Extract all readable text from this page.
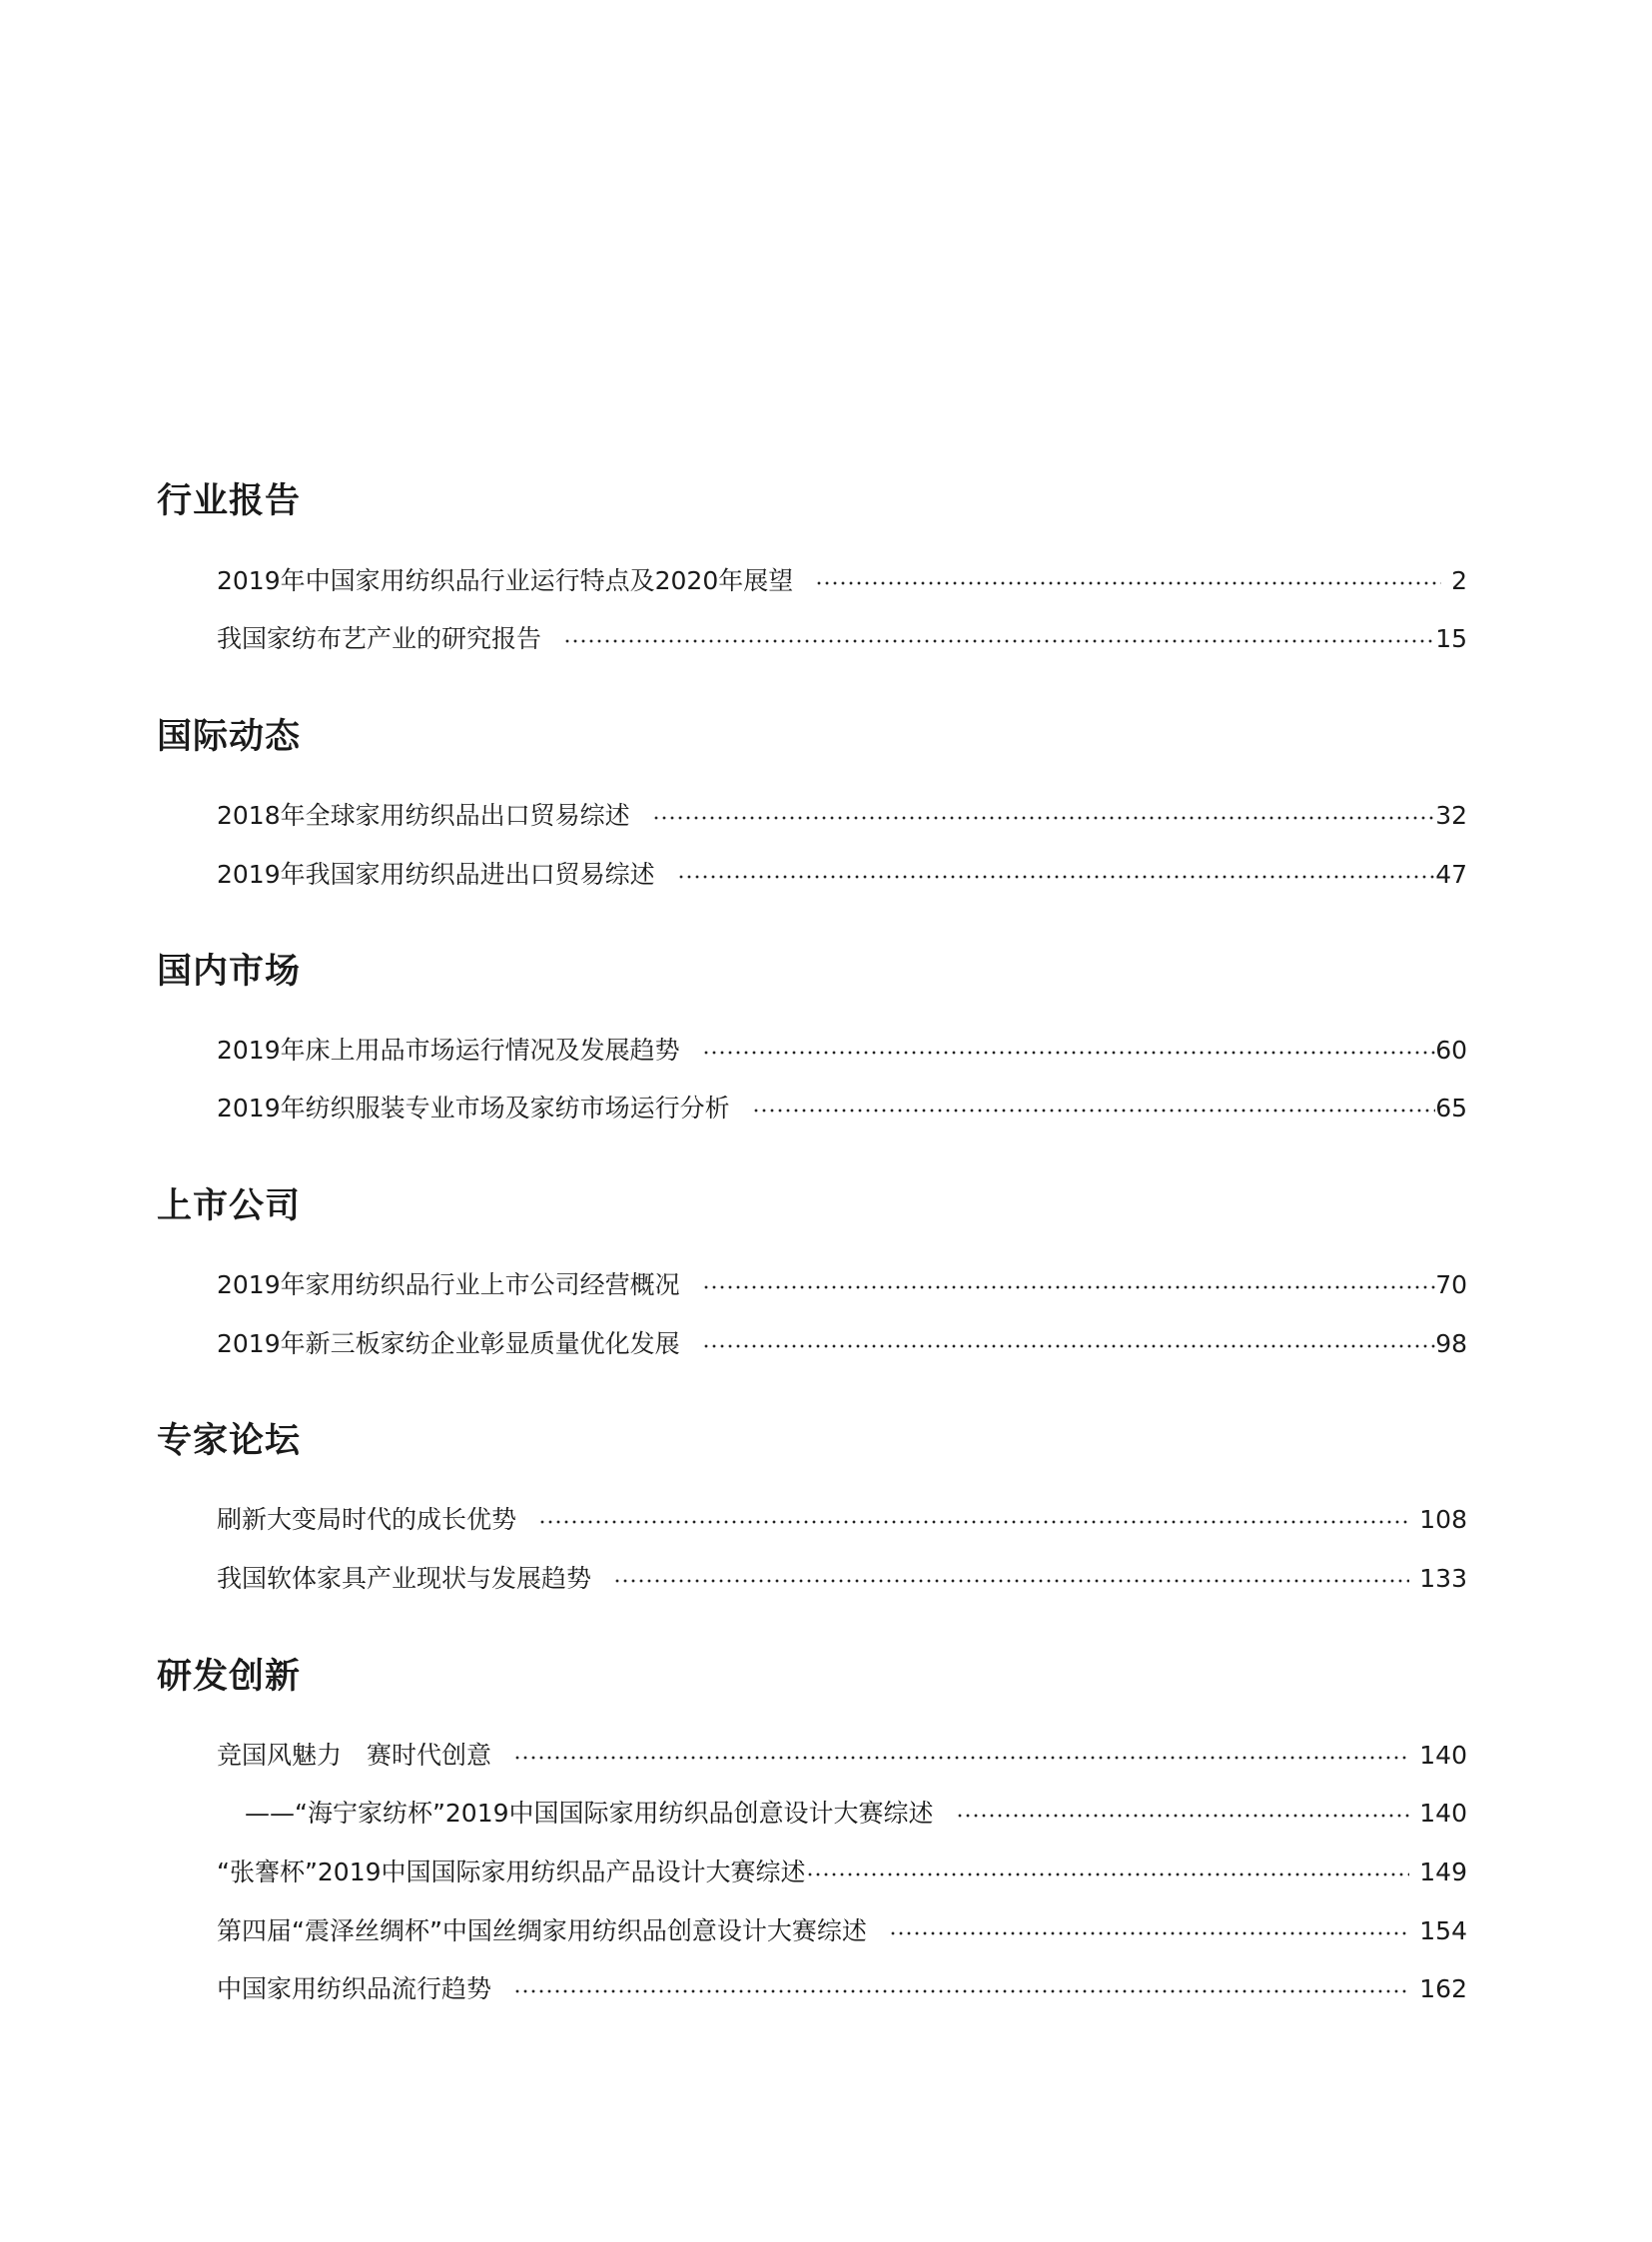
行业报告
2019年中国家用纺织品行业运行特点及2020年展望	2
我国家纺布艺产业的研究报告	15
国际动态
2018年全球家用纺织品出口贸易综述	32
2019年我国家用纺织品进出口贸易综述	47
国内市场
2019年床上用品市场运行情况及发展趋势	60
2019年纺织服装专业市场及家纺市场运行分析	65
上市公司
2019年家用纺织品行业上市公司经营概况	70
2019年新三板家纺企业彰显质量优化发展	98
专家论坛
刷新大变局时代的成长优势	108
我国软体家具产业现状与发展趋势	133
研发创新
竞国风魅力　赛时代创意	140
——“海宁家纺杯”2019中国国际家用纺织品创意设计大赛综述	140
“张謇杯”2019中国国际家用纺织品产品设计大赛综述	149
第四届“震泽丝绸杯”中国丝绸家用纺织品创意设计大赛综述	154
中国家用纺织品流行趋势	162
